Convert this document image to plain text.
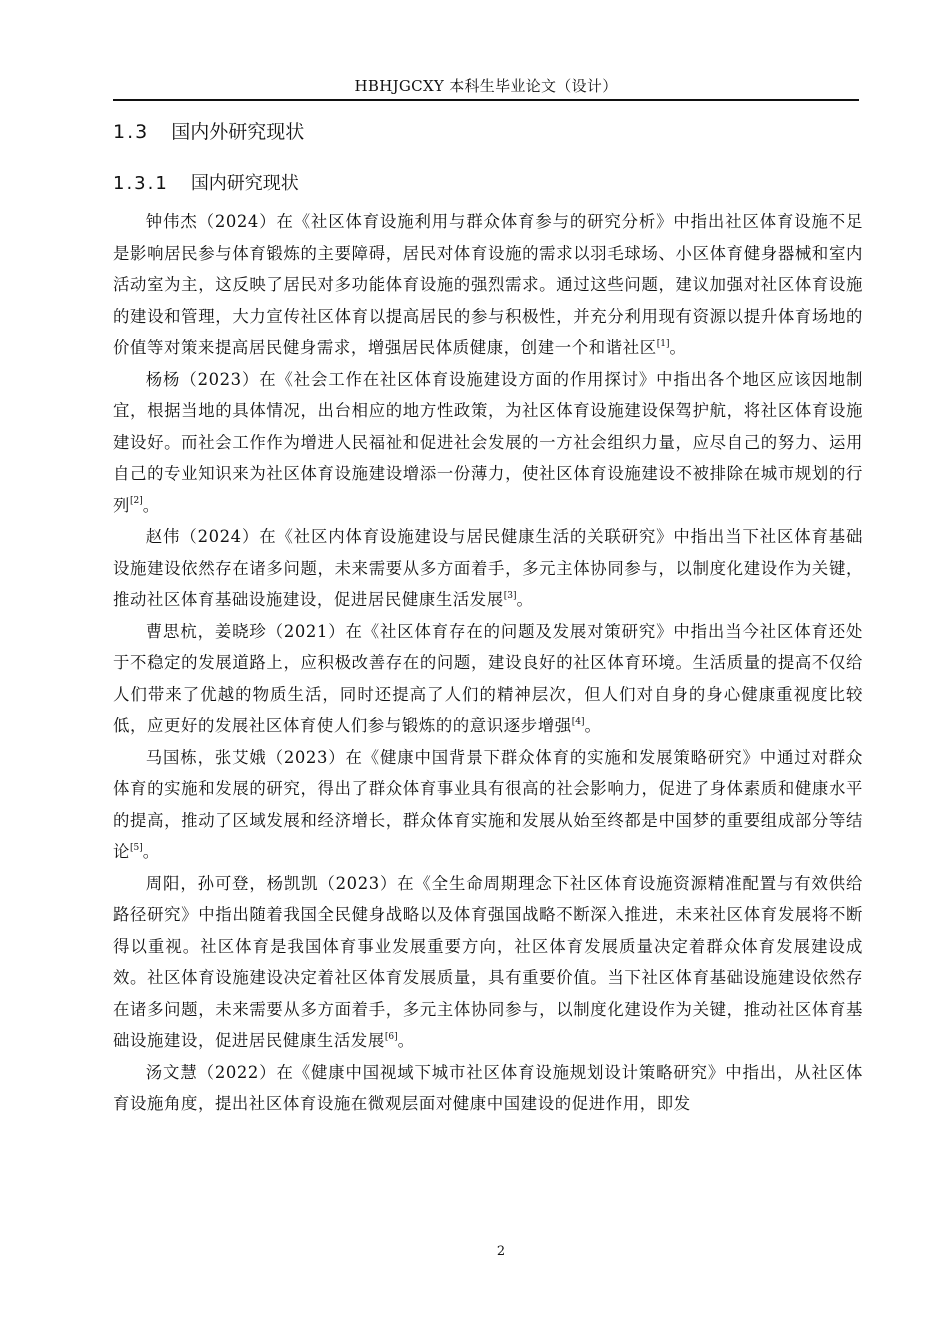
HBHJGCXY 本科生毕业论文（设计）
1.3 国内外研究现状
1.3.1 国内研究现状

钟伟杰（2024）在《社区体育设施利用与群众体育参与的研究分析》中指出社区体育设施不足是影响居民参与体育锻炼的主要障碍，居民对体育设施的需求以羽毛球场、小区体育健身器械和室内活动室为主，这反映了居民对多功能体育设施的强烈需求。通过这些问题，建议加强对社区体育设施的建设和管理，大力宣传社区体育以提高居民的参与积极性，并充分利用现有资源以提升体育场地的价值等对策来提高居民健身需求，增强居民体质健康，创建一个和谐社区[1]。

杨杨（2023）在《社会工作在社区体育设施建设方面的作用探讨》中指出各个地区应该因地制宜，根据当地的具体情况，出台相应的地方性政策，为社区体育设施建设保驾护航，将社区体育设施建设好。而社会工作作为增进人民福祉和促进社会发展的一方社会组织力量，应尽自己的努力、运用自己的专业知识来为社区体育设施建设增添一份薄力，使社区体育设施建设不被排除在城市规划的行列[2]。

赵伟（2024）在《社区内体育设施建设与居民健康生活的关联研究》中指出当下社区体育基础设施建设依然存在诸多问题，未来需要从多方面着手，多元主体协同参与，以制度化建设作为关键，推动社区体育基础设施建设，促进居民健康生活发展[3]。

曹思杭，姜晓珍（2021）在《社区体育存在的问题及发展对策研究》中指出当今社区体育还处于不稳定的发展道路上，应积极改善存在的问题，建设良好的社区体育环境。生活质量的提高不仅给人们带来了优越的物质生活，同时还提高了人们的精神层次，但人们对自身的身心健康重视度比较低，应更好的发展社区体育使人们参与锻炼的的意识逐步增强[4]。

马国栋，张艾娥（2023）在《健康中国背景下群众体育的实施和发展策略研究》中通过对群众体育的实施和发展的研究，得出了群众体育事业具有很高的社会影响力，促进了身体素质和健康水平的提高，推动了区域发展和经济增长，群众体育实施和发展从始至终都是中国梦的重要组成部分等结论[5]。

周阳，孙可登，杨凯凯（2023）在《全生命周期理念下社区体育设施资源精准配置与有效供给路径研究》中指出随着我国全民健身战略以及体育强国战略不断深入推进，未来社区体育发展将不断得以重视。社区体育是我国体育事业发展重要方向，社区体育发展质量决定着群众体育发展建设成效。社区体育设施建设决定着社区体育发展质量，具有重要价值。当下社区体育基础设施建设依然存在诸多问题，未来需要从多方面着手，多元主体协同参与，以制度化建设作为关键，推动社区体育基础设施建设，促进居民健康生活发展[6]。

汤文慧（2022）在《健康中国视域下城市社区体育设施规划设计策略研究》中指出，从社区体育设施角度，提出社区体育设施在微观层面对健康中国建设的促进作用，即发

2
